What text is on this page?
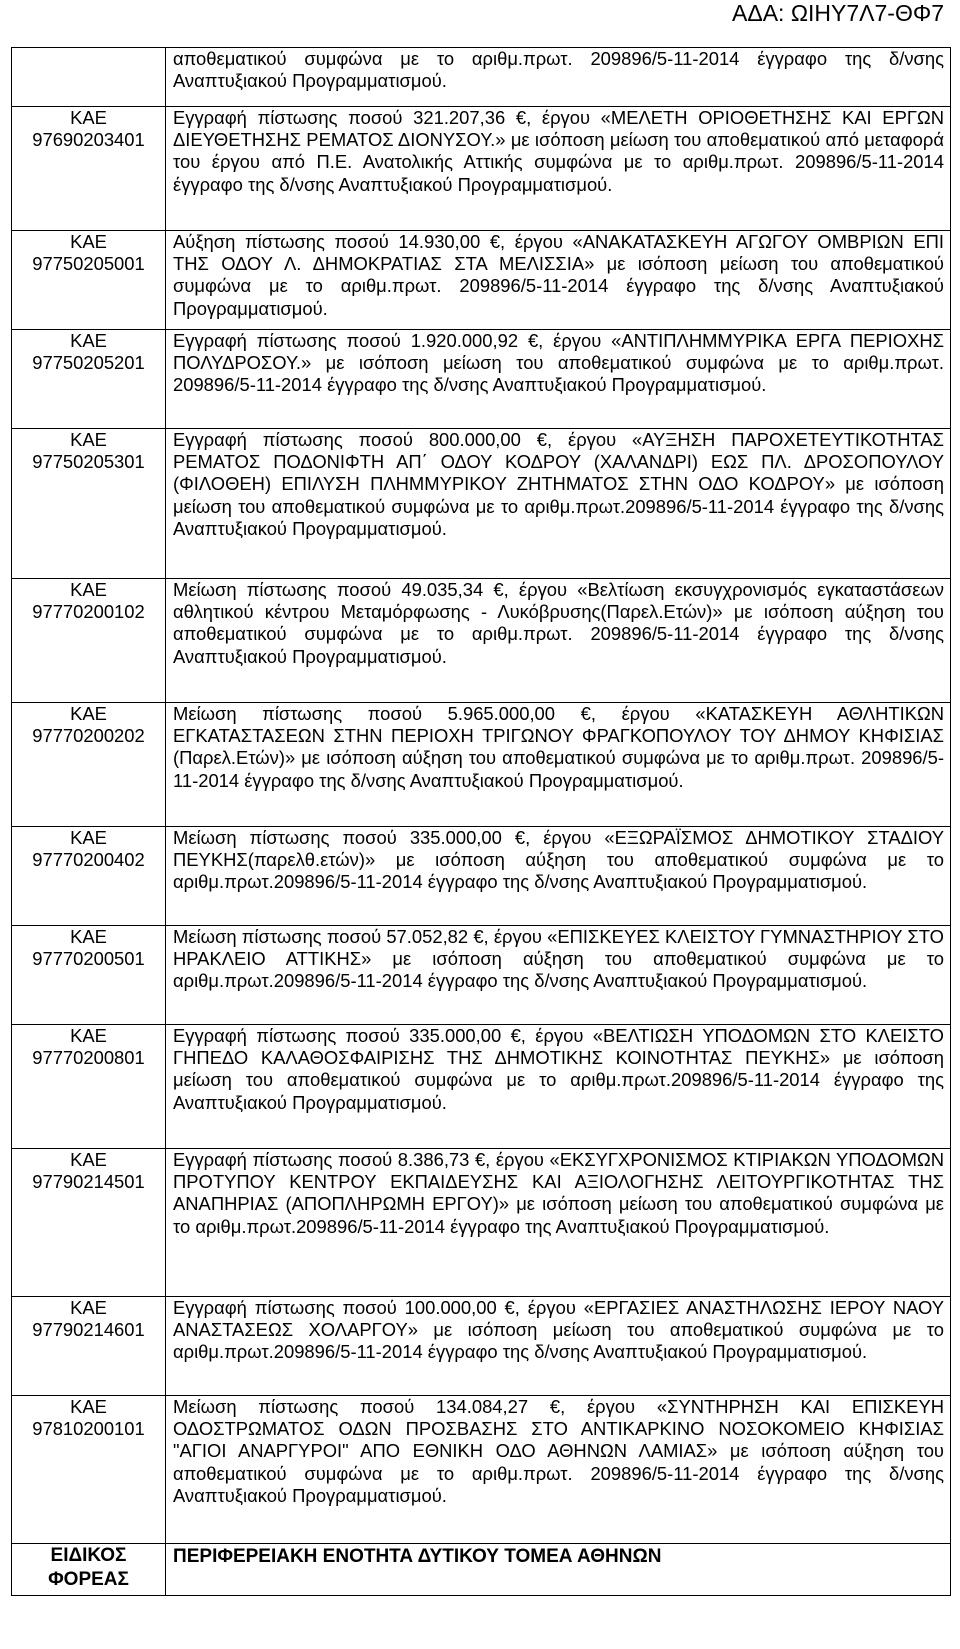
ΑΔΑ: ΩΙΗΥ7Λ7-ΘΦ7

	αποθεματικού συμφώνα με το αριθμ.πρωτ. 209896/5-11-2014 έγγραφο της δ/νσης Αναπτυξιακού Προγραμματισμού.

ΚΑΕ
97690203401	Εγγραφή πίστωσης ποσού 321.207,36 €, έργου «ΜΕΛΕΤΗ ΟΡΙΟΘΕΤΗΣΗΣ ΚΑΙ ΕΡΓΩΝ ΔΙΕΥΘΕΤΗΣΗΣ ΡΕΜΑΤΟΣ ΔΙΟΝΥΣΟΥ.» με ισόποση μείωση του αποθεματικού από μεταφορά του έργου από Π.Ε. Ανατολικής Αττικής συμφώνα με το αριθμ.πρωτ. 209896/5-11-2014 έγγραφο της δ/νσης Αναπτυξιακού Προγραμματισμού.

ΚΑΕ
97750205001	Αύξηση πίστωσης ποσού 14.930,00 €, έργου «ΑΝΑΚΑΤΑΣΚΕΥΗ ΑΓΩΓΟΥ ΟΜΒΡΙΩΝ ΕΠΙ ΤΗΣ ΟΔΟΥ Λ. ΔΗΜΟΚΡΑΤΙΑΣ ΣΤΑ ΜΕΛΙΣΣΙΑ» με ισόποση μείωση του αποθεματικού συμφώνα με το αριθμ.πρωτ. 209896/5-11-2014 έγγραφο της δ/νσης Αναπτυξιακού Προγραμματισμού.

ΚΑΕ
97750205201	Εγγραφή πίστωσης ποσού 1.920.000,92 €, έργου «ΑΝΤΙΠΛΗΜΜΥΡΙΚΑ ΕΡΓΑ ΠΕΡΙΟΧΗΣ ΠΟΛΥΔΡΟΣΟΥ.» με ισόποση μείωση του αποθεματικού συμφώνα με το αριθμ.πρωτ. 209896/5-11-2014 έγγραφο της δ/νσης Αναπτυξιακού Προγραμματισμού.

ΚΑΕ
97750205301	Εγγραφή πίστωσης ποσού 800.000,00 €, έργου «ΑΥΞΗΣΗ ΠΑΡΟΧΕΤΕΥΤΙΚΟΤΗΤΑΣ ΡΕΜΑΤΟΣ ΠΟΔΟΝΙΦΤΗ ΑΠ΄ ΟΔΟΥ ΚΟΔΡΟΥ (ΧΑΛΑΝΔΡΙ) ΕΩΣ ΠΛ. ΔΡΟΣΟΠΟΥΛΟΥ (ΦΙΛΟΘΕΗ) ΕΠΙΛΥΣΗ ΠΛΗΜΜΥΡΙΚΟΥ ΖΗΤΗΜΑΤΟΣ ΣΤΗΝ ΟΔΟ ΚΟΔΡΟΥ» με ισόποση μείωση του αποθεματικού συμφώνα με το αριθμ.πρωτ.209896/5-11-2014 έγγραφο της δ/νσης Αναπτυξιακού Προγραμματισμού.

ΚΑΕ
97770200102	Μείωση πίστωσης ποσού 49.035,34 €, έργου «Βελτίωση εκσυγχρονισμός εγκαταστάσεων αθλητικού κέντρου Μεταμόρφωσης - Λυκόβρυσης(Παρελ.Ετών)» με ισόποση αύξηση του αποθεματικού συμφώνα με το αριθμ.πρωτ. 209896/5-11-2014 έγγραφο της δ/νσης Αναπτυξιακού Προγραμματισμού.

ΚΑΕ
97770200202	Μείωση πίστωσης ποσού 5.965.000,00 €, έργου «ΚΑΤΑΣΚΕΥΗ ΑΘΛΗΤΙΚΩΝ ΕΓΚΑΤΑΣΤΑΣΕΩΝ ΣΤΗΝ ΠΕΡΙΟΧΗ ΤΡΙΓΩΝΟΥ ΦΡΑΓΚΟΠΟΥΛΟΥ ΤΟΥ ΔΗΜΟΥ ΚΗΦΙΣΙΑΣ (Παρελ.Ετών)» με ισόποση αύξηση του αποθεματικού συμφώνα με το αριθμ.πρωτ. 209896/5-11-2014 έγγραφο της δ/νσης Αναπτυξιακού Προγραμματισμού.

ΚΑΕ
97770200402	Μείωση πίστωσης ποσού 335.000,00 €, έργου «ΕΞΩΡΑΪΣΜΟΣ ΔΗΜΟΤΙΚΟΥ ΣΤΑΔΙΟΥ ΠΕΥΚΗΣ(παρελθ.ετών)» με ισόποση αύξηση του αποθεματικού συμφώνα με το αριθμ.πρωτ.209896/5-11-2014 έγγραφο της δ/νσης Αναπτυξιακού Προγραμματισμού.

ΚΑΕ
97770200501	Μείωση πίστωσης ποσού 57.052,82 €, έργου «ΕΠΙΣΚΕΥΕΣ ΚΛΕΙΣΤΟΥ ΓΥΜΝΑΣΤΗΡΙΟΥ ΣΤΟ ΗΡΑΚΛΕΙΟ ΑΤΤΙΚΗΣ» με ισόποση αύξηση του αποθεματικού συμφώνα με το αριθμ.πρωτ.209896/5-11-2014 έγγραφο της δ/νσης Αναπτυξιακού Προγραμματισμού.

ΚΑΕ
97770200801	Εγγραφή πίστωσης ποσού 335.000,00 €, έργου «ΒΕΛΤΙΩΣΗ ΥΠΟΔΟΜΩΝ ΣΤΟ ΚΛΕΙΣΤΟ ΓΗΠΕΔΟ ΚΑΛΑΘΟΣΦΑΙΡΙΣΗΣ ΤΗΣ ΔΗΜΟΤΙΚΗΣ ΚΟΙΝΟΤΗΤΑΣ ΠΕΥΚΗΣ» με ισόποση μείωση του αποθεματικού συμφώνα με το αριθμ.πρωτ.209896/5-11-2014 έγγραφο της Αναπτυξιακού Προγραμματισμού.

ΚΑΕ
97790214501	Εγγραφή πίστωσης ποσού 8.386,73 €, έργου «ΕΚΣΥΓΧΡΟΝΙΣΜΟΣ ΚΤΙΡΙΑΚΩΝ ΥΠΟΔΟΜΩΝ ΠΡΟΤΥΠΟΥ ΚΕΝΤΡΟΥ ΕΚΠΑΙΔΕΥΣΗΣ ΚΑΙ ΑΞΙΟΛΟΓΗΣΗΣ ΛΕΙΤΟΥΡΓΙΚΟΤΗΤΑΣ ΤΗΣ ΑΝΑΠΗΡΙΑΣ (ΑΠΟΠΛΗΡΩΜΗ ΕΡΓΟΥ)» με ισόποση μείωση του αποθεματικού συμφώνα με το αριθμ.πρωτ.209896/5-11-2014 έγγραφο της Αναπτυξιακού Προγραμματισμού.

ΚΑΕ
97790214601	Εγγραφή πίστωσης ποσού 100.000,00 €, έργου «ΕΡΓΑΣΙΕΣ ΑΝΑΣΤΗΛΩΣΗΣ ΙΕΡΟΥ ΝΑΟΥ ΑΝΑΣΤΑΣΕΩΣ ΧΟΛΑΡΓΟΥ» με ισόποση μείωση του αποθεματικού συμφώνα με το αριθμ.πρωτ.209896/5-11-2014 έγγραφο της δ/νσης Αναπτυξιακού Προγραμματισμού.

ΚΑΕ
97810200101	Μείωση πίστωσης ποσού 134.084,27 €, έργου «ΣΥΝΤΗΡΗΣΗ ΚΑΙ ΕΠΙΣΚΕΥΗ ΟΔΟΣΤΡΩΜΑΤΟΣ ΟΔΩΝ ΠΡΟΣΒΑΣΗΣ ΣΤΟ ΑΝΤΙΚΑΡΚΙΝΟ ΝΟΣΟΚΟΜΕΙΟ ΚΗΦΙΣΙΑΣ "ΑΓΙΟΙ ΑΝΑΡΓΥΡΟΙ" ΑΠΟ ΕΘΝΙΚΗ ΟΔΟ ΑΘΗΝΩΝ ΛΑΜΙΑΣ» με ισόποση αύξηση του αποθεματικού συμφώνα με το αριθμ.πρωτ. 209896/5-11-2014 έγγραφο της δ/νσης Αναπτυξιακού Προγραμματισμού.

ΕΙΔΙΚΟΣ
ΦΟΡΕΑΣ	ΠΕΡΙΦΕΡΕΙΑΚΗ ΕΝΟΤΗΤΑ ΔΥΤΙΚΟΥ ΤΟΜΕΑ ΑΘΗΝΩΝ
